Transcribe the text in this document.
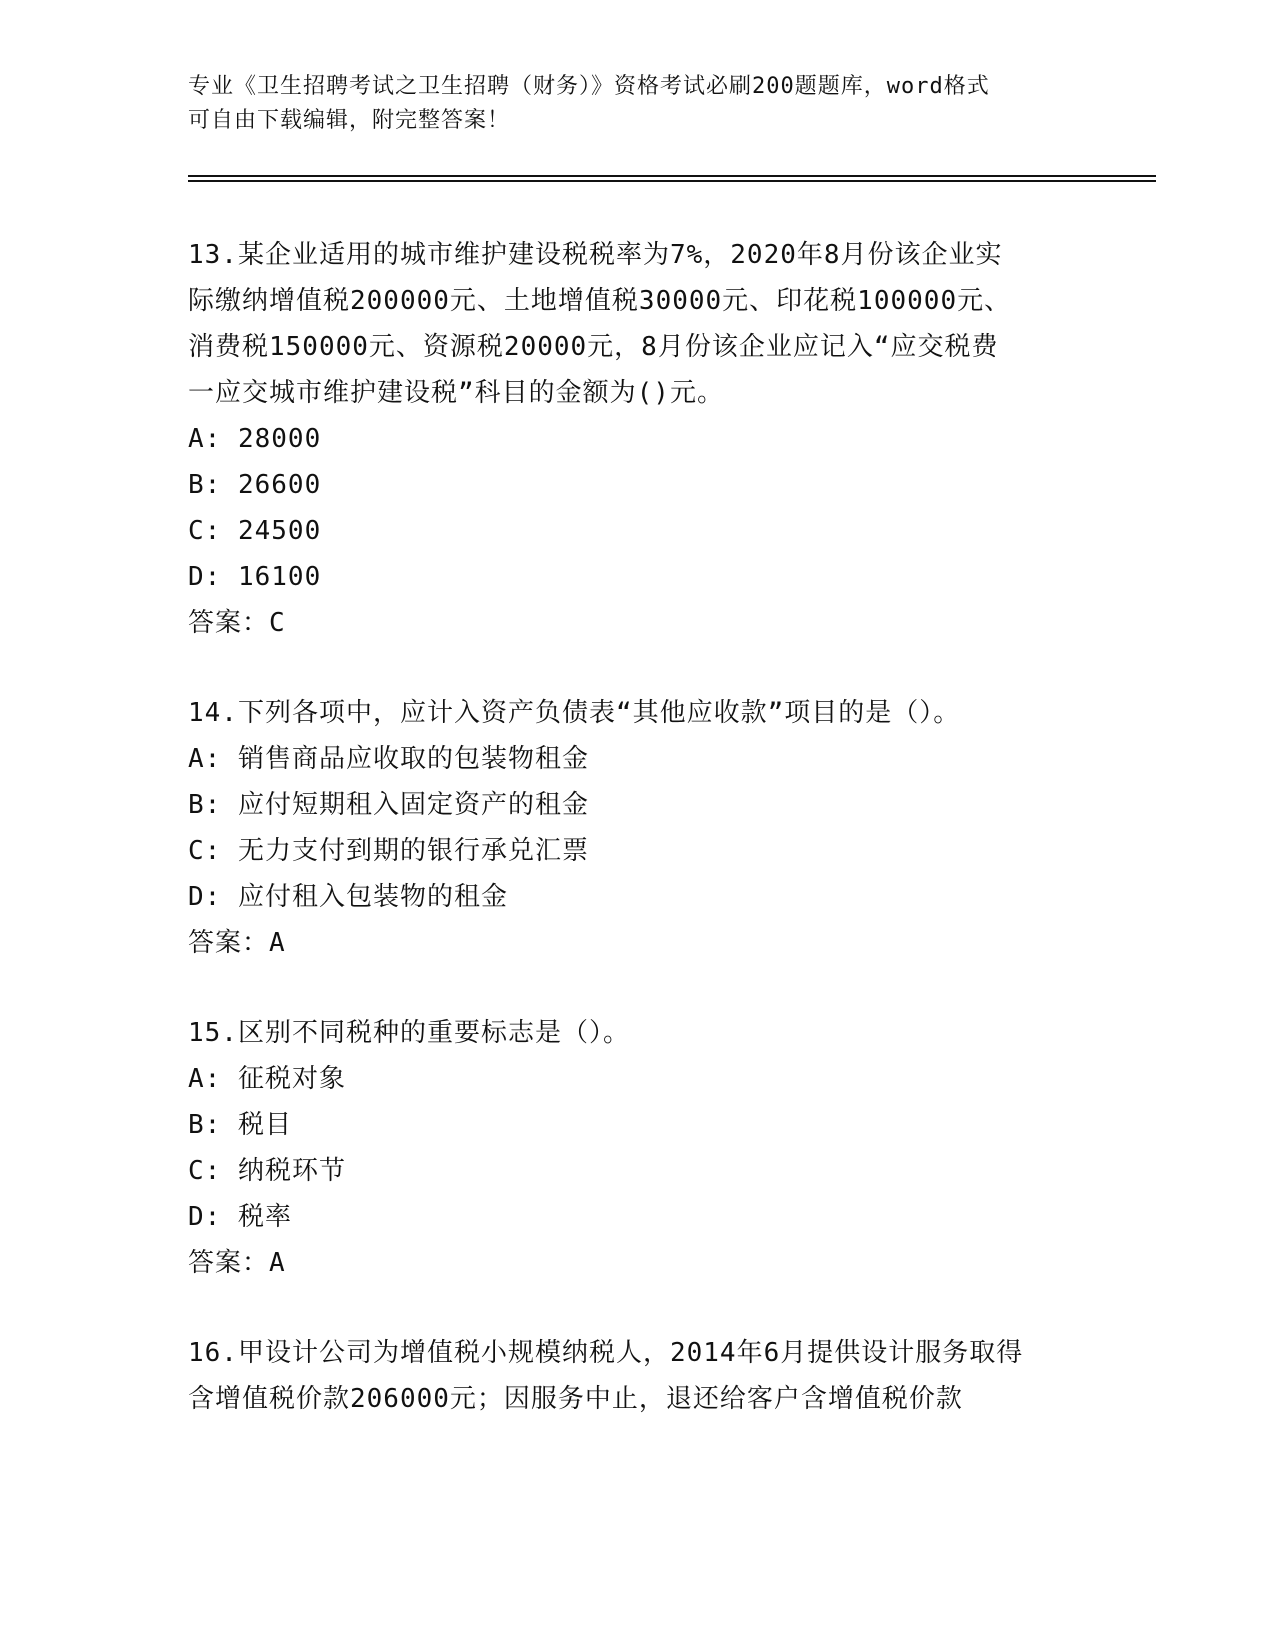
专业《卫生招聘考试之卫生招聘（财务）》资格考试必刷200题题库，word格式
可自由下载编辑，附完整答案！
13.某企业适用的城市维护建设税税率为7%，2020年8月份该企业实
际缴纳增值税200000元、土地增值税30000元、印花税100000元、
消费税150000元、资源税20000元，8月份该企业应记入“应交税费
一应交城市维护建设税”科目的金额为()元。
A: 28000
B: 26600
C: 24500
D: 16100
答案：C
14.下列各项中，应计入资产负债表“其他应收款”项目的是（）。
A: 销售商品应收取的包装物租金
B: 应付短期租入固定资产的租金
C: 无力支付到期的银行承兑汇票
D: 应付租入包装物的租金
答案：A
15.区别不同税种的重要标志是（）。
A: 征税对象
B: 税目
C: 纳税环节
D: 税率
答案：A
16.甲设计公司为增值税小规模纳税人，2014年6月提供设计服务取得
含增值税价款206000元；因服务中止，退还给客户含增值税价款
